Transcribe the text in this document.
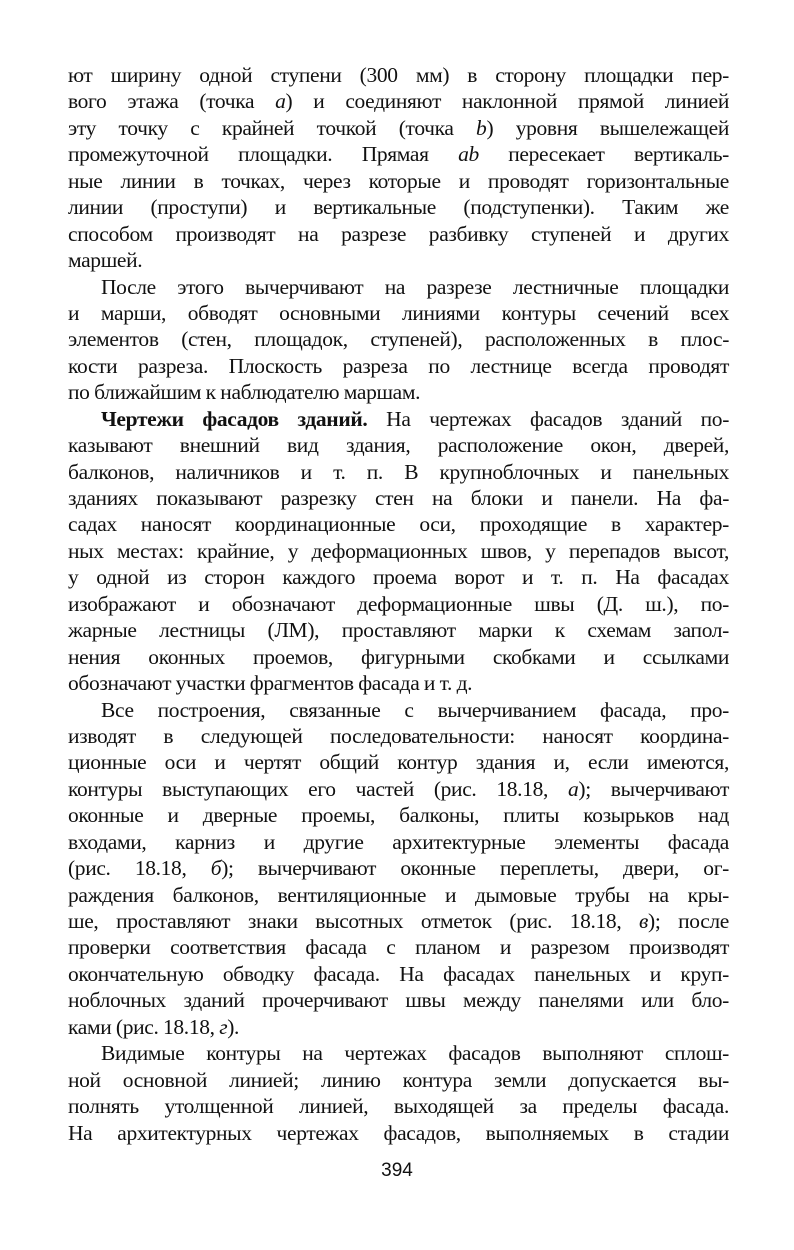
ют ширину одной ступени (300 мм) в сторону площадки пер-
вого этажа (точка а) и соединяют наклонной прямой линией
эту точку с крайней точкой (точка b) уровня вышележащей
промежуточной площадки. Прямая ab пересекает вертикаль-
ные линии в точках, через которые и проводят горизонтальные
линии (проступи) и вертикальные (подступенки). Таким же
способом производят на разрезе разбивку ступеней и других
маршей.
После этого вычерчивают на разрезе лестничные площадки
и марши, обводят основными линиями контуры сечений всех
элементов (стен, площадок, ступеней), расположенных в плос-
кости разреза. Плоскость разреза по лестнице всегда проводят
по ближайшим к наблюдателю маршам.
Чертежи фасадов зданий. На чертежах фасадов зданий по-
казывают внешний вид здания, расположение окон, дверей,
балконов, наличников и т. п. В крупноблочных и панельных
зданиях показывают разрезку стен на блоки и панели. На фа-
садах наносят координационные оси, проходящие в характер-
ных местах: крайние, у деформационных швов, у перепадов высот,
у одной из сторон каждого проема ворот и т. п. На фасадах
изображают и обозначают деформационные швы (Д. ш.), по-
жарные лестницы (ЛМ), проставляют марки к схемам запол-
нения оконных проемов, фигурными скобками и ссылками
обозначают участки фрагментов фасада и т. д.
Все построения, связанные с вычерчиванием фасада, про-
изводят в следующей последовательности: наносят координа-
ционные оси и чертят общий контур здания и, если имеются,
контуры выступающих его частей (рис. 18.18, а); вычерчивают
оконные и дверные проемы, балконы, плиты козырьков над
входами, карниз и другие архитектурные элементы фасада
(рис. 18.18, б); вычерчивают оконные переплеты, двери, ог-
раждения балконов, вентиляционные и дымовые трубы на кры-
ше, проставляют знаки высотных отметок (рис. 18.18, в); после
проверки соответствия фасада с планом и разрезом производят
окончательную обводку фасада. На фасадах панельных и круп-
ноблочных зданий прочерчивают швы между панелями или бло-
ками (рис. 18.18, г).
Видимые контуры на чертежах фасадов выполняют сплош-
ной основной линией; линию контура земли допускается вы-
полнять утолщенной линией, выходящей за пределы фасада.
На архитектурных чертежах фасадов, выполняемых в стадии
394
